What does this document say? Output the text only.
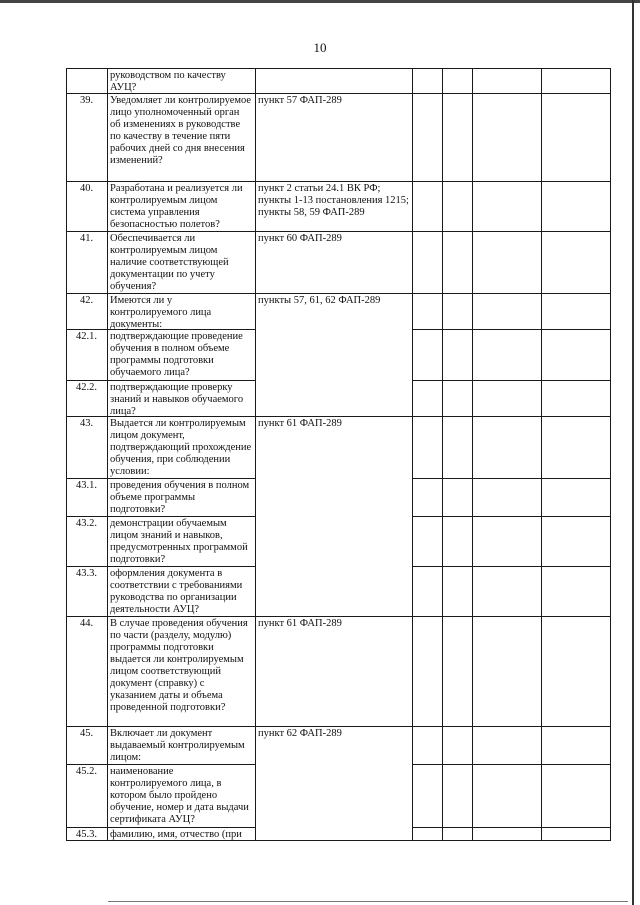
10
руководством по качеству АУЦ?
39.	Уведомляет ли контролируемое лицо уполномоченный орган об изменениях в руководстве по качеству в течение пяти рабочих дней со дня внесения изменений?
пункт 57 ФАП-289
40.	Разработана и реализуется ли контролируемым лицом система управления безопасностью полетов?
пункт 2 статьи 24.1 ВК РФ; пункты 1-13 постановления 1215; пункты 58, 59 ФАП-289
41.	Обеспечивается ли контролируемым лицом наличие соответствующей документации по учету обучения?
пункт 60 ФАП-289
42.	Имеются ли у контролируемого лица документы:
пункты 57, 61, 62 ФАП-289
42.1.	подтверждающие проведение обучения в полном объеме программы подготовки обучаемого лица?
42.2.	подтверждающие проверку знаний и навыков обучаемого лица?
43.	Выдается ли контролируемым лицом документ, подтверждающий прохождение обучения, при соблюдении условии:
пункт 61 ФАП-289
43.1.	проведения обучения в полном объеме программы подготовки?
43.2.	демонстрации обучаемым лицом знаний и навыков, предусмотренных программой подготовки?
43.3.	оформления документа в соответствии с требованиями руководства по организации деятельности АУЦ?
44.	В случае проведения обучения по части (разделу, модулю) программы подготовки выдается ли контролируемым лицом соответствующий документ (справку) с указанием даты и объема проведенной подготовки?
пункт 61 ФАП-289
45.	Включает ли документ выдаваемый контролируемым лицом:
пункт 62 ФАП-289
45.2.	наименование контролируемого лица, в котором было пройдено обучение, номер и дата выдачи сертификата АУЦ?
45.3.	фамилию, имя, отчество (при
